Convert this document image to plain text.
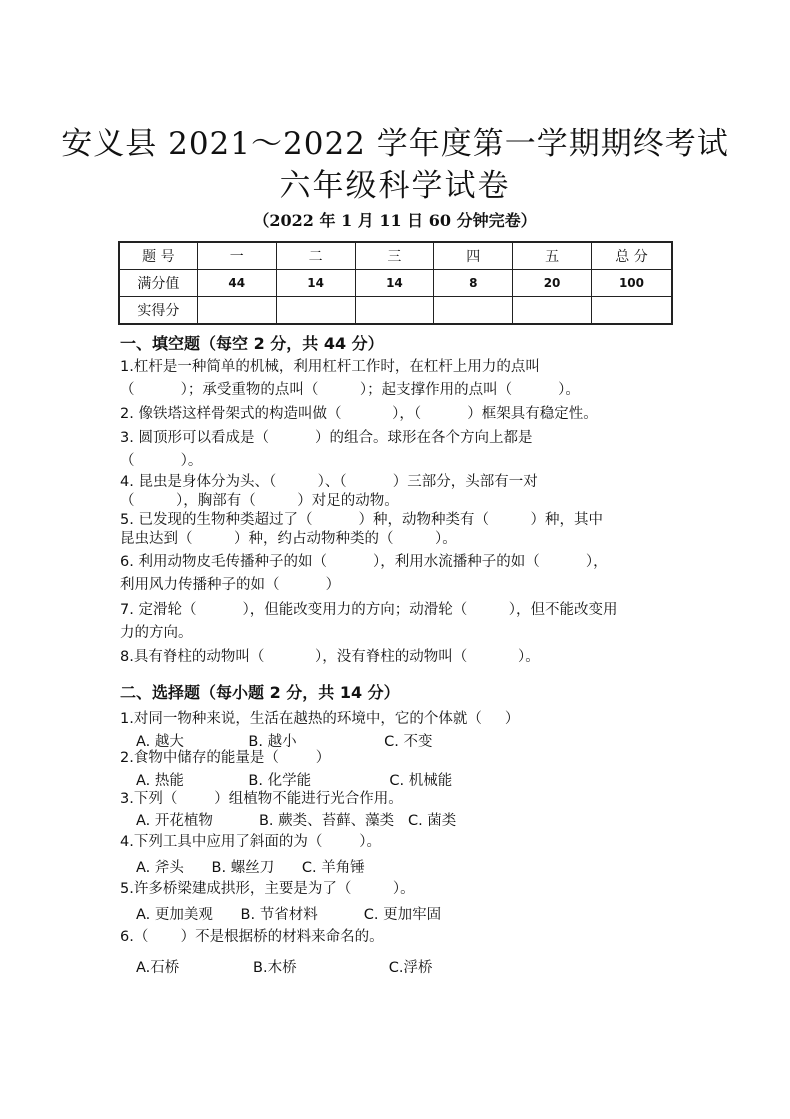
安义县 2021～2022 学年度第一学期期终考试
六年级科学试卷
（2022 年 1 月 11 日 60 分钟完卷）
题 号	一	二	三	四	五	总 分
满分值	44	14	14	8	20	100
实得分						
一、填空题（每空 2 分，共 44 分）
1.杠杆是一种简单的机械，利用杠杆工作时，在杠杆上用力的点叫
（          ）；承受重物的点叫（         ）；起支撑作用的点叫（          ）。
2. 像铁塔这样骨架式的构造叫做（           ），（          ）框架具有稳定性。
3. 圆顶形可以看成是（          ）的组合。球形在各个方向上都是
（          ）。
4. 昆虫是身体分为头、（         ）、（          ）三部分，头部有一对
（         ），胸部有（         ）对足的动物。
5. 已发现的生物种类超过了（          ）种，动物种类有（         ）种，其中
昆虫达到（         ）种，约占动物种类的（         ）。
6. 利用动物皮毛传播种子的如（          ），利用水流播种子的如（          ），
利用风力传播种子的如（          ）
7. 定滑轮（          ），但能改变用力的方向；动滑轮（         ），但不能改变用
力的方向。
8.具有脊柱的动物叫（           ），没有脊柱的动物叫（           ）。
二、选择题（每小题 2 分，共 14 分）
1.对同一物种来说，生活在越热的环境中，它的个体就（     ）
A. 越大              B. 越小                   C. 不变
2.食物中储存的能量是（        ）
A. 热能              B. 化学能                 C. 机械能
3.下列（        ）组植物不能进行光合作用。
A. 开花植物          B. 蕨类、苔藓、藻类   C. 菌类
4.下列工具中应用了斜面的为（        ）。
A. 斧头      B. 螺丝刀      C. 羊角锤
5.许多桥梁建成拱形，主要是为了（         ）。
A. 更加美观      B. 节省材料          C. 更加牢固
6.（       ）不是根据桥的材料来命名的。
A.石桥                B.木桥                    C.浮桥
